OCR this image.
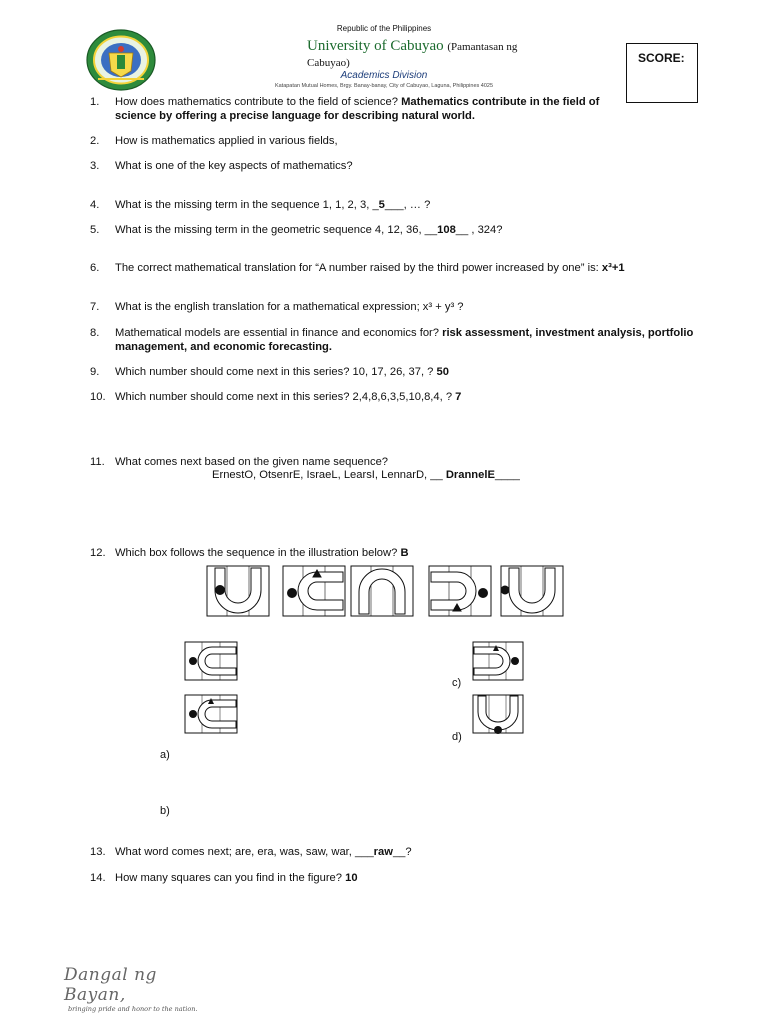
Republic of the Philippines
University of Cabuyao (Pamantasan ng
Cabuyao)
Academics Division
Katapatan Mutual Homes, Brgy. Banay-banay, City of Cabuyao, Laguna, Philippines 4025
SCORE:
1. How does mathematics contribute to the field of science? Mathematics contribute in the field of science by offering a precise language for describing natural world.
2. How is mathematics applied in various fields,
3. What is one of the key aspects of mathematics?
4. What is the missing term in the sequence 1, 1, 2, 3, _5___, … ?
5. What is the missing term in the geometric sequence 4, 12, 36, __108__ , 324?
6. The correct mathematical translation for “A number raised by the third power increased by one” is: x³+1
7. What is the english translation for a mathematical expression; x³ + y³ ?
8. Mathematical models are essential in finance and economics for? risk assessment, investment analysis, portfolio management, and economic forecasting.
9. Which number should come next in this series? 10, 17, 26, 37, ? 50
10. Which number should come next in this series? 2,4,8,6,3,5,10,8,4, ? 7
11. What comes next based on the given name sequence?
ErnestO, OtsenrE, IsraeL, LearsI, LennarD, __ DrannelE____
12. Which box follows the sequence in the illustration below? B
c)
d)
a)
b)
13. What word comes next; are, era, was, saw, war, ___raw__?
14. How many squares can you find in the figure? 10
Dangal ng Bayan,
bringing pride and honor to the nation.
